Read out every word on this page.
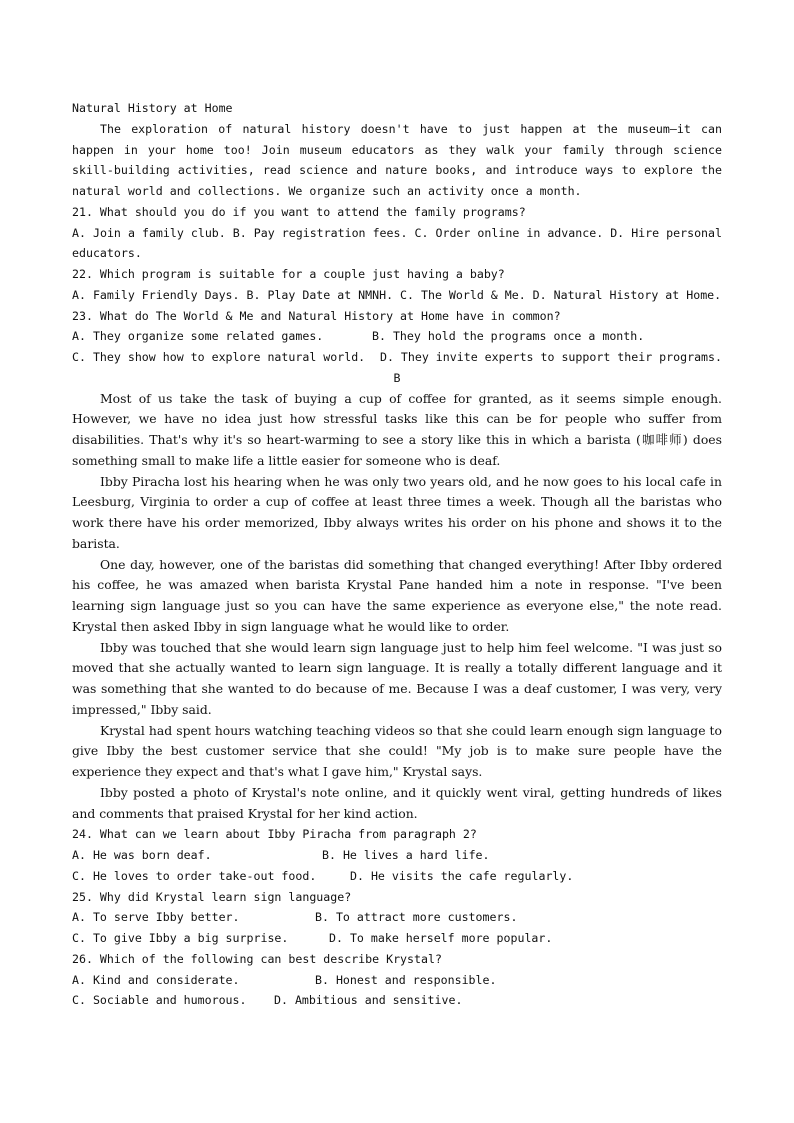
Natural History at Home

The exploration of natural history doesn't have to just happen at the museum—it can happen in your home too! Join museum educators as they walk your family through science skill-building activities, read science and nature books, and introduce ways to explore the natural world and collections. We organize such an activity once a month.

21. What should you do if you want to attend the family programs?

A. Join a family club. B. Pay registration fees. C. Order online in advance. D. Hire personal educators.

22. Which program is suitable for a couple just having a baby?
A. Family Friendly Days. B. Play Date at NMNH. C. The World & Me. D. Natural History at Home.
23. What do The World & Me and Natural History at Home have in common?
A. They organize some related games.	B. They hold the programs once a month.
C. They show how to explore natural world.	D. They invite experts to support their programs.
B

Most of us take the task of buying a cup of coffee for granted, as it seems simple enough. However, we have no idea just how stressful tasks like this can be for people who suffer from disabilities. That's why it's so heart-warming to see a story like this in which a barista (咖啡师) does something small to make life a little easier for someone who is deaf.

Ibby Piracha lost his hearing when he was only two years old, and he now goes to his local cafe in Leesburg, Virginia to order a cup of coffee at least three times a week. Though all the baristas who work there have his order memorized, Ibby always writes his order on his phone and shows it to the barista.

One day, however, one of the baristas did something that changed everything! After Ibby ordered his coffee, he was amazed when barista Krystal Pane handed him a note in response. "I've been learning sign language just so you can have the same experience as everyone else," the note read. Krystal then asked Ibby in sign language what he would like to order.

Ibby was touched that she would learn sign language just to help him feel welcome. "I was just so moved that she actually wanted to learn sign language. It is really a totally different language and it was something that she wanted to do because of me. Because I was a deaf customer, I was very, very impressed," Ibby said.

Krystal had spent hours watching teaching videos so that she could learn enough sign language to give Ibby the best customer service that she could! "My job is to make sure people have the experience they expect and that's what I gave him," Krystal says.

Ibby posted a photo of Krystal's note online, and it quickly went viral, getting hundreds of likes and comments that praised Krystal for her kind action.

24. What can we learn about Ibby Piracha from paragraph 2?
A. He was born deaf.	B. He lives a hard life.
C. He loves to order take-out food.	D. He visits the cafe regularly.
25. Why did Krystal learn sign language?
A. To serve Ibby better.	B. To attract more customers.
C. To give Ibby a big surprise.	D. To make herself more popular.
26. Which of the following can best describe Krystal?
A. Kind and considerate.	B. Honest and responsible.
C. Sociable and humorous.	D. Ambitious and sensitive.
